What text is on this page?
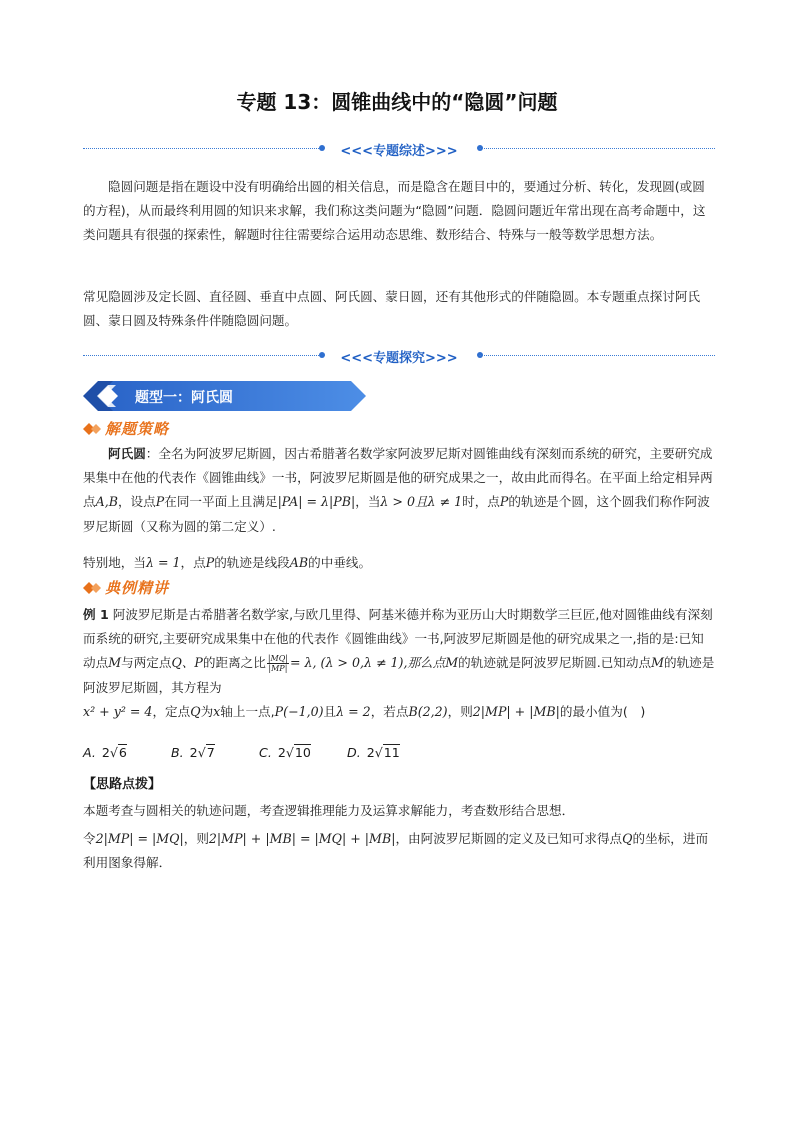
专题 13：圆锥曲线中的“隐圆”问题
<<<专题综述>>>

隐圆问题是指在题设中没有明确给出圆的相关信息，而是隐含在题目中的，要通过分析、转化，发现圆(或圆的方程)，从而最终利用圆的知识来求解，我们称这类问题为“隐圆”问题．隐圆问题近年常出现在高考命题中，这类问题具有很强的探索性，解题时往往需要综合运用动态思维、数形结合、特殊与一般等数学思想方法。

常见隐圆涉及定长圆、直径圆、垂直中点圆、阿氏圆、蒙日圆，还有其他形式的伴随隐圆。本专题重点探讨阿氏圆、蒙日圆及特殊条件伴随隐圆问题。

<<<专题探究>>>
题型一：阿氏圆
解题策略

阿氏圆：全名为阿波罗尼斯圆，因古希腊著名数学家阿波罗尼斯对圆锥曲线有深刻而系统的研究，主要研究成果集中在他的代表作《圆锥曲线》一书，阿波罗尼斯圆是他的研究成果之一，故由此而得名。在平面上给定相异两点A,B，设点P在同一平面上且满足|PA| = λ|PB|，当λ > 0且λ ≠ 1时，点P的轨迹是个圆，这个圆我们称作阿波罗尼斯圆（又称为圆的第二定义）.

特别地，当λ = 1，点P的轨迹是线段AB的中垂线。

典例精讲

例 1 阿波罗尼斯是古希腊著名数学家,与欧几里得、阿基米德并称为亚历山大时期数学三巨匠,他对圆锥曲线有深刻而系统的研究,主要研究成果集中在他的代表作《圆锥曲线》一书,阿波罗尼斯圆是他的研究成果之一,指的是:已知动点M与两定点Q、P的距离之比 $\frac{|MQ|}{|MP|} = \lambda$, (λ > 0,λ ≠ 1),那么点M的轨迹就是阿波罗尼斯圆.已知动点M的轨迹是阿波罗尼斯圆，其方程为
x² + y² = 4，定点Q为x轴上一点,P(−1,0)且λ = 2，若点B(2,2)，则2|MP| + |MB|的最小值为(　)

A. 2√6	B. 2√7	C. 2√10	D. 2√11
【思路点拨】

本题考查与圆相关的轨迹问题，考查逻辑推理能力及运算求解能力，考查数形结合思想．

令2|MP| = |MQ|，则2|MP| + |MB| = |MQ| + |MB|，由阿波罗尼斯圆的定义及已知可求得点Q的坐标，进而利用图象得解．
